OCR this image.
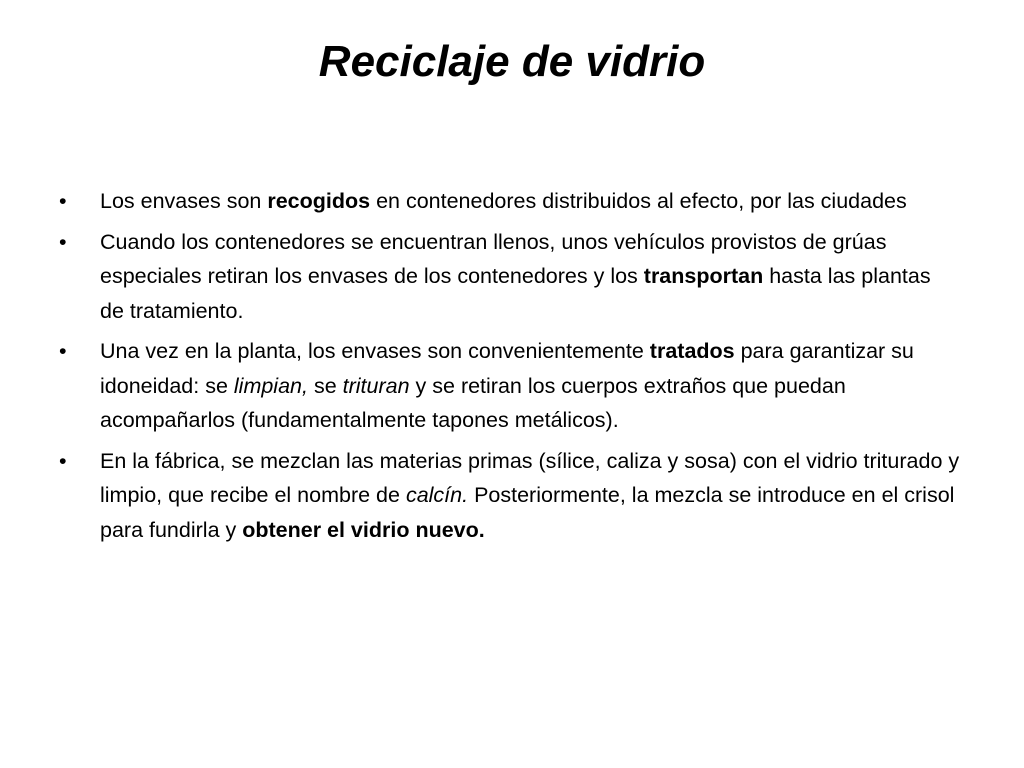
Reciclaje de vidrio
•	Los envases son recogidos en contenedores distribuidos al efecto, por las ciudades
•	Cuando los contenedores se encuentran llenos, unos vehículos provistos de grúas especiales retiran los envases de los contenedores y los transportan hasta las plantas de tratamiento.
•	Una vez en la planta, los envases son convenientemente tratados para garantizar su idoneidad: se limpian, se trituran y se retiran los cuerpos extraños que puedan acompañarlos (fundamentalmente tapones metálicos).
•	En la fábrica, se mezclan las materias primas (sílice, caliza y sosa) con el vidrio triturado y limpio, que recibe el nombre de calcín. Posteriormente, la mezcla se introduce en el crisol para fundirla y obtener el vidrio nuevo.
